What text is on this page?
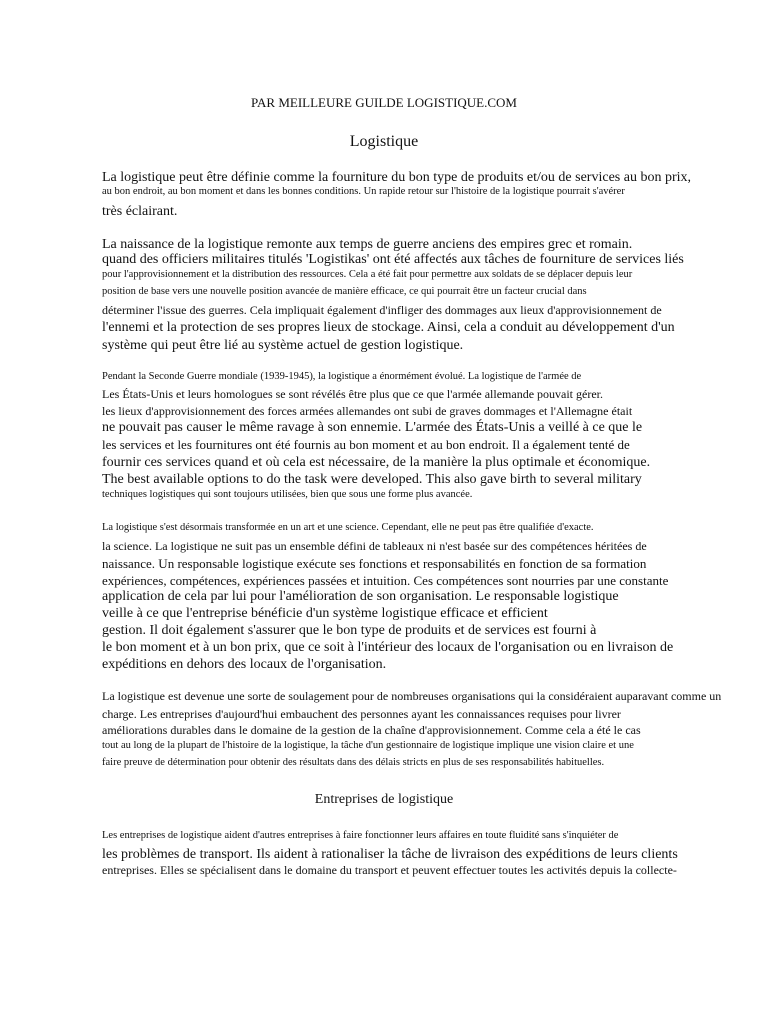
PAR MEILLEURE GUILDE LOGISTIQUE.COM
Logistique
La logistique peut être définie comme la fourniture du bon type de produits et/ou de services au bon prix,
au bon endroit, au bon moment et dans les bonnes conditions. Un rapide retour sur l'histoire de la logistique pourrait s'avérer
très éclairant.
La naissance de la logistique remonte aux temps de guerre anciens des empires grec et romain.
quand des officiers militaires titulés 'Logistikas' ont été affectés aux tâches de fourniture de services liés
pour l'approvisionnement et la distribution des ressources. Cela a été fait pour permettre aux soldats de se déplacer depuis leur
position de base vers une nouvelle position avancée de manière efficace, ce qui pourrait être un facteur crucial dans
déterminer l'issue des guerres. Cela impliquait également d'infliger des dommages aux lieux d'approvisionnement de
l'ennemi et la protection de ses propres lieux de stockage. Ainsi, cela a conduit au développement d'un
système qui peut être lié au système actuel de gestion logistique.
Pendant la Seconde Guerre mondiale (1939-1945), la logistique a énormément évolué. La logistique de l'armée de
Les États-Unis et leurs homologues se sont révélés être plus que ce que l'armée allemande pouvait gérer.
les lieux d'approvisionnement des forces armées allemandes ont subi de graves dommages et l'Allemagne était
ne pouvait pas causer le même ravage à son ennemie. L'armée des États-Unis a veillé à ce que le
les services et les fournitures ont été fournis au bon moment et au bon endroit. Il a également tenté de
fournir ces services quand et où cela est nécessaire, de la manière la plus optimale et économique.
The best available options to do the task were developed. This also gave birth to several military
techniques logistiques qui sont toujours utilisées, bien que sous une forme plus avancée.
La logistique s'est désormais transformée en un art et une science. Cependant, elle ne peut pas être qualifiée d'exacte.
la science. La logistique ne suit pas un ensemble défini de tableaux ni n'est basée sur des compétences héritées de
naissance. Un responsable logistique exécute ses fonctions et responsabilités en fonction de sa formation
expériences, compétences, expériences passées et intuition. Ces compétences sont nourries par une constante
application de cela par lui pour l'amélioration de son organisation. Le responsable logistique
veille à ce que l'entreprise bénéficie d'un système logistique efficace et efficient
gestion. Il doit également s'assurer que le bon type de produits et de services est fourni à
le bon moment et à un bon prix, que ce soit à l'intérieur des locaux de l'organisation ou en livraison de
expéditions en dehors des locaux de l'organisation.
La logistique est devenue une sorte de soulagement pour de nombreuses organisations qui la considéraient auparavant comme un
charge. Les entreprises d'aujourd'hui embauchent des personnes ayant les connaissances requises pour livrer
améliorations durables dans le domaine de la gestion de la chaîne d'approvisionnement. Comme cela a été le cas
tout au long de la plupart de l'histoire de la logistique, la tâche d'un gestionnaire de logistique implique une vision claire et une
faire preuve de détermination pour obtenir des résultats dans des délais stricts en plus de ses responsabilités habituelles.
Entreprises de logistique
Les entreprises de logistique aident d'autres entreprises à faire fonctionner leurs affaires en toute fluidité sans s'inquiéter de
les problèmes de transport. Ils aident à rationaliser la tâche de livraison des expéditions de leurs clients
entreprises. Elles se spécialisent dans le domaine du transport et peuvent effectuer toutes les activités depuis la collecte-
